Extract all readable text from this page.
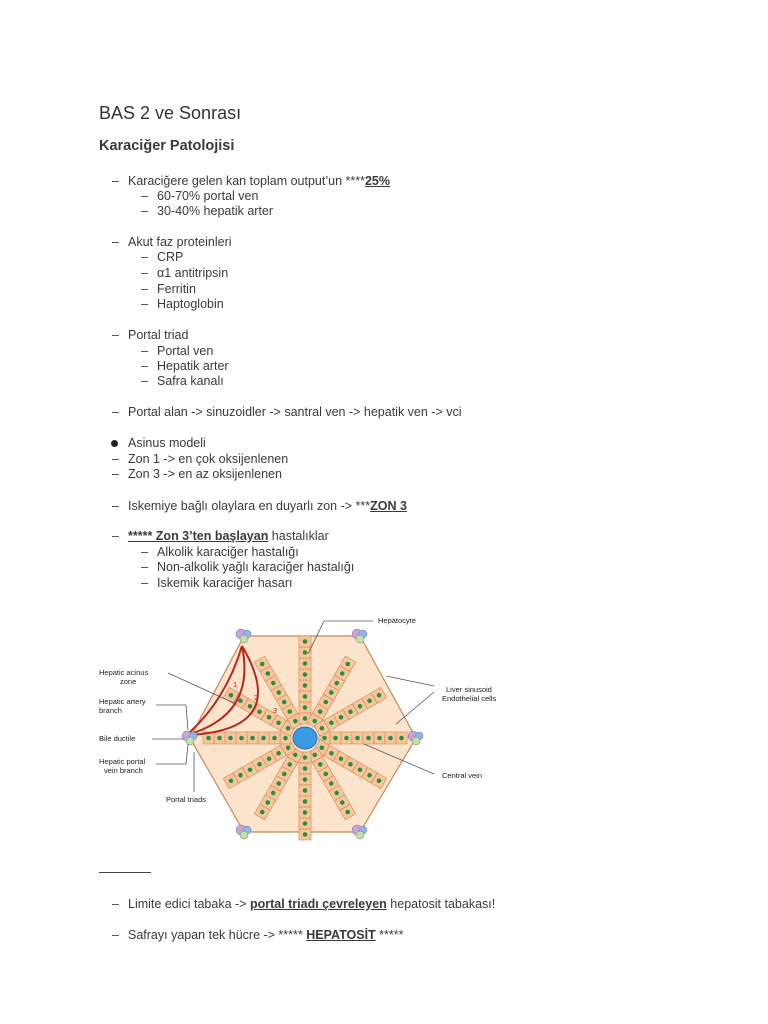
BAS 2 ve Sonrası
Karaciğer Patolojisi
– Karaciğere gelen kan toplam output’un ****25%
– 60-70% portal ven
– 30-40% hepatik arter
– Akut faz proteinleri
– CRP
– α1 antitripsin
– Ferritin
– Haptoglobin
– Portal triad
– Portal ven
– Hepatik arter
– Safra kanalı
– Portal alan -> sinuzoidler -> santral ven -> hepatik ven -> vci
Asinus modeli
– Zon 1 -> en çok oksijenlenen
– Zon 3 -> en az oksijenlenen
– Iskemiye bağlı olaylara en duyarlı zon -> ***ZON 3
– ***** Zon 3’ten başlayan hastalıklar
– Alkolik karaciğer hastalığı
– Non-alkolik yağlı karaciğer hastalığı
– Iskemik karaciğer hasarı
Hepatocyte
Hepatic acinus
zone
Hepatic artery
branch
Bile ductile
Hepatic portal
vein branch
Portal triads
Liver sinusoid
Endothelial cells
Central vein
1
2
3
– Limite edici tabaka -> portal triadı çevreleyen hepatosit tabakası!
– Safrayı yapan tek hücre -> ***** HEPATOSİT *****
